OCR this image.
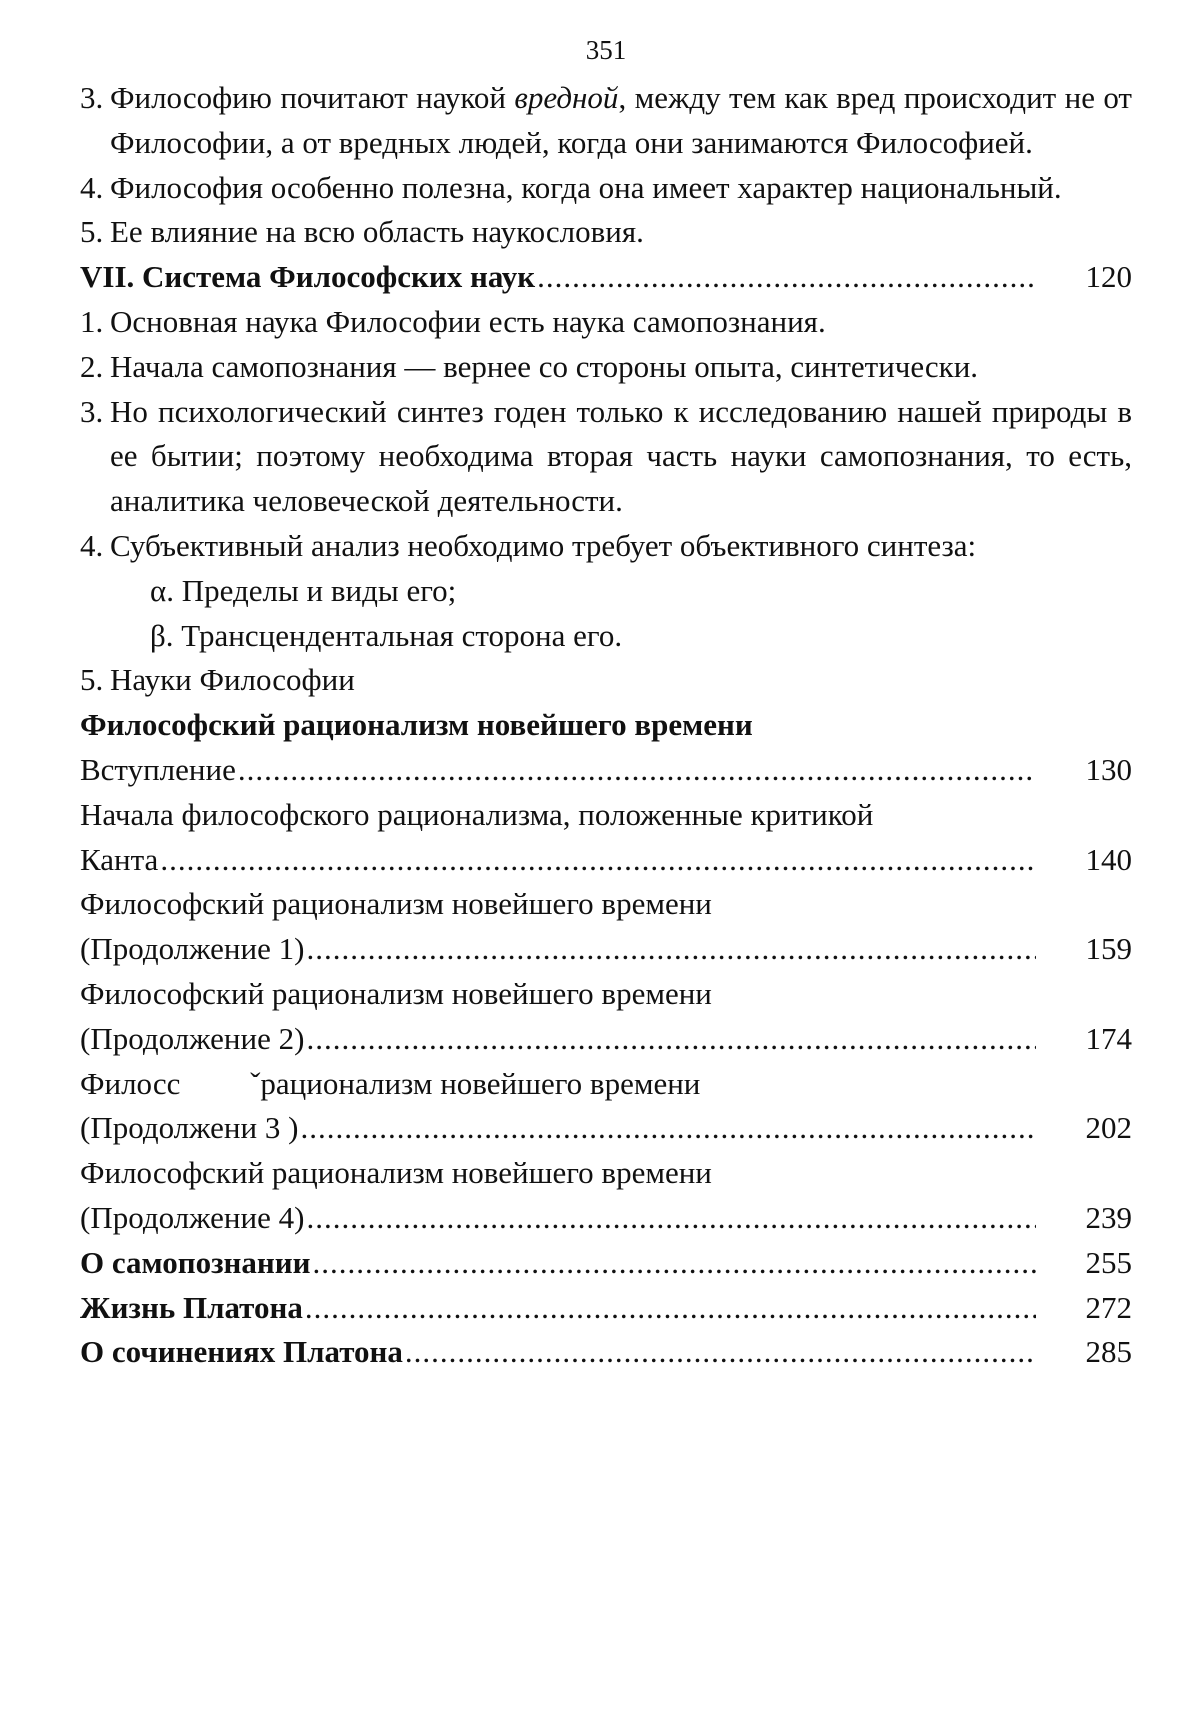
351
3. Философию почитают наукой вредной, между тем как вред происходит не от Философии, а от вредных людей, когда они занимаются Философией.
4. Философия особенно полезна, когда она имеет характер национальный.
5. Ее влияние на всю область наукословия.
VII. Система Философских наук
.....	120
1. Основная наука Философии есть наука самопознания.
2. Начала самопознания — вернее со стороны опыта, синтетически.
3. Но психологический синтез годен только к исследованию нашей природы в ее бытии; поэтому необходима вторая часть науки самопознания, то есть, аналитика человеческой деятельности.
4. Субъективный анализ необходимо требует объективного синтеза:
α. Пределы и виды его;
β. Трансцендентальная сторона его.
5. Науки Философии
Философский рационализм новейшего времени
Вступление
.....	130
Начала философского рационализма, положенные критикой
Канта
.....	140
Философский рационализм новейшего времени
(Продолжение 1)
.....	159
Философский рационализм новейшего времени
(Продолжение 2)
.....	174
Филосс         ˇрационализм новейшего времени
(Продолжени 3 )
.....	202
Философский рационализм новейшего времени
(Продолжение 4)
.....	239
О самопознании
.....	255
Жизнь Платона
.....	272
О сочинениях Платона
.....	285
